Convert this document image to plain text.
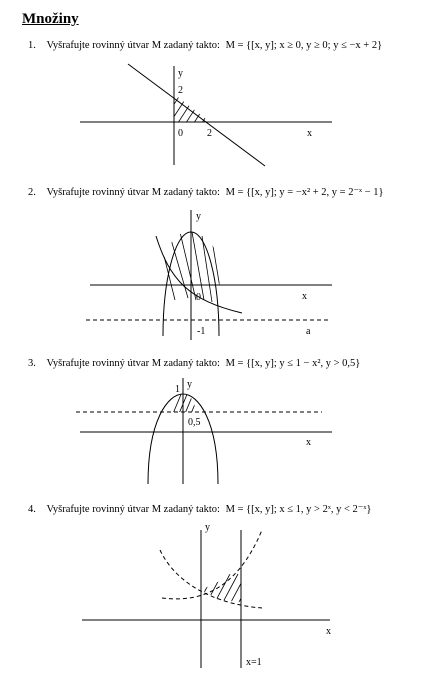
Množiny
1. Vyšrafujte rovinný útvar M zadaný takto: M = {[x, y]; x ≥ 0, y ≥ 0; y ≤ −x + 2}
y
2
0 2	x
2. Vyšrafujte rovinný útvar M zadaný takto: M = {[x, y]; y = −x² + 2, y = 2⁻ˣ − 1}
y
0	x
-1	a
3. Vyšrafujte rovinný útvar M zadaný takto: M = {[x, y]; y ≤ 1 − x², y > 0,5}
1 y
0,5
x
4. Vyšrafujte rovinný útvar M zadaný takto: M = {[x, y]; x ≤ 1, y > 2ˣ, y < 2⁻ˣ}
y
x
x=1
